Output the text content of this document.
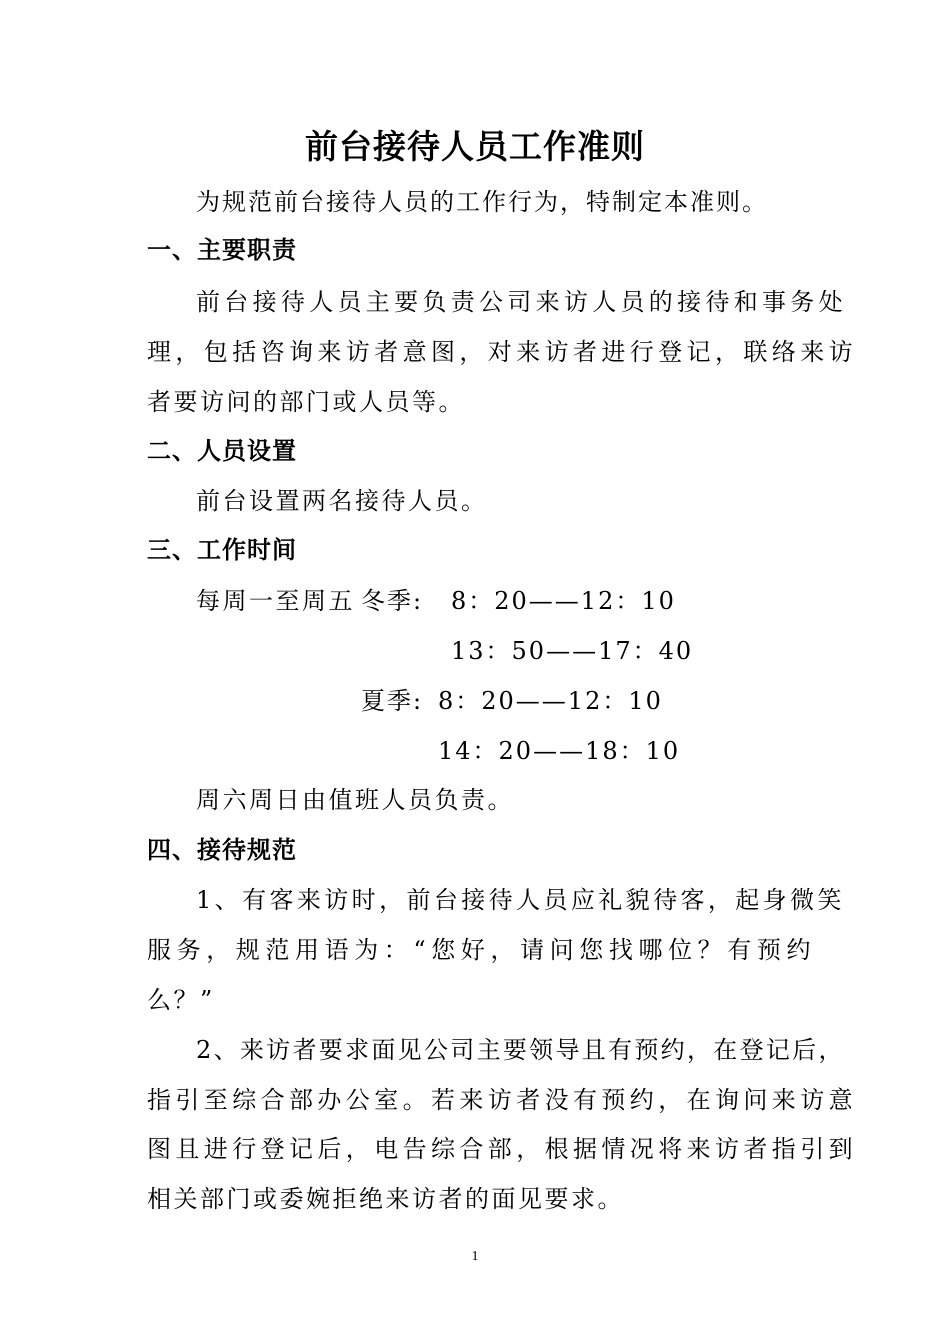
前台接待人员工作准则
为规范前台接待人员的工作行为，特制定本准则。
一、主要职责
前台接待人员主要负责公司来访人员的接待和事务处
理，包括咨询来访者意图，对来访者进行登记，联络来访
者要访问的部门或人员等。
二、人员设置
前台设置两名接待人员。
三、工作时间
每周一至周五 冬季: 8：20——12：10
13：50——17：40
夏季: 8：20——12：10
14：20——18：10
周六周日由值班人员负责。
四、接待规范
1、有客来访时，前台接待人员应礼貌待客，起身微笑
服务，规范用语为：“您好，请问您找哪位？有预约
么？”
2、来访者要求面见公司主要领导且有预约，在登记后，
指引至综合部办公室。若来访者没有预约，在询问来访意
图且进行登记后，电告综合部，根据情况将来访者指引到
相关部门或委婉拒绝来访者的面见要求。
1
